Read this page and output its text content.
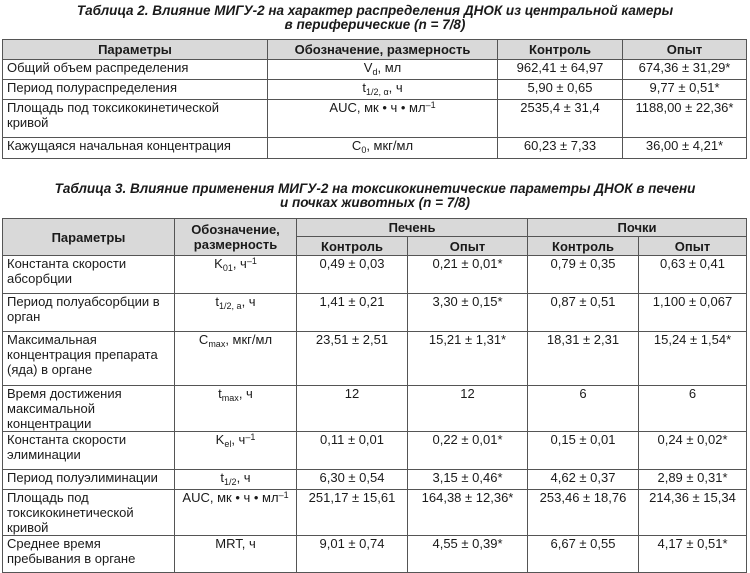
Таблица 2. Влияние МИГУ-2 на характер распределения ДНОК из центральной камеры
в периферические (n = 7/8)
Параметры	Обозначение, размерность	Контроль	Опыт
Общий объем распределения	$V_d$, мл	962,41 ± 64,97	674,36 ± 31,29*
Период полураспределения	$t_{1/2, \alpha}$, ч	5,90 ± 0,65	9,77 ± 0,51*
Площадь под токсикокинетической кривой	AUC, мк • ч • $мл^{-1}$	2535,4 ± 31,4	1188,00 ± 22,36*
Кажущаяся начальная концентрация	$C_0$, мкг/мл	60,23 ± 7,33	36,00 ± 4,21*
Таблица 3. Влияние применения МИГУ-2 на токсикокинетические параметры ДНОК в печени
и почках животных (n = 7/8)
Параметры	Обозначение, размерность	Печень		Почки	
		Контроль	Опыт	Контроль	Опыт
Константа скорости абсорбции	$K_{01}$, $ч^{-1}$	0,49 ± 0,03	0,21 ± 0,01*	0,79 ± 0,35	0,63 ± 0,41
Период полуабсорбции в орган	$t_{1/2, a}$, ч	1,41 ± 0,21	3,30 ± 0,15*	0,87 ± 0,51	1,100 ± 0,067
Максимальная концентрация препарата (яда) в органе	$C_{max}$, мкг/мл	23,51 ± 2,51	15,21 ± 1,31*	18,31 ± 2,31	15,24 ± 1,54*
Время достижения максимальной концентрации	$t_{max}$, ч	12	12	6	6
Константа скорости элиминации	$K_{el}$, $ч^{-1}$	0,11 ± 0,01	0,22 ± 0,01*	0,15 ± 0,01	0,24 ± 0,02*
Период полуэлиминации	$t_{1/2}$, ч	6,30 ± 0,54	3,15 ± 0,46*	4,62 ± 0,37	2,89 ± 0,31*
Площадь под токсикокинетической кривой	AUC, мк • ч • $мл^{-1}$	251,17 ± 15,61	164,38 ± 12,36*	253,46 ± 18,76	214,36 ± 15,34
Среднее время пребывания в органе	MRT, ч	9,01 ± 0,74	4,55 ± 0,39*	6,67 ± 0,55	4,17 ± 0,51*
